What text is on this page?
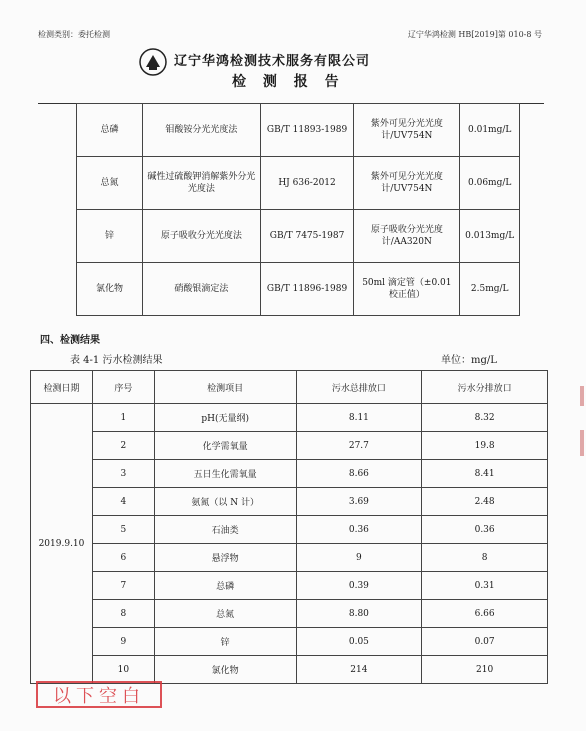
检测类别：委托检测	辽宁华鸿检测 HB[2019]第 010-8 号
辽宁华鸿检测技术服务有限公司
检 测 报 告
总磷	钼酸铵分光光度法	GB/T 11893-1989	紫外可见分光光度计/UV754N	0.01mg/L
总氮	碱性过硫酸钾消解紫外分光光度法	HJ 636-2012	紫外可见分光光度计/UV754N	0.06mg/L
锌	原子吸收分光光度法	GB/T 7475-1987	原子吸收分光光度计/AA320N	0.013mg/L
氯化物	硝酸银滴定法	GB/T 11896-1989	50ml 滴定管（±0.01 校正值）	2.5mg/L
四、检测结果
表 4-1 污水检测结果	单位：mg/L
检测日期	序号	检测项目	污水总排放口	污水分排放口
2019.9.10	1	pH(无量纲)	8.11	8.32
	2	化学需氧量	27.7	19.8
	3	五日生化需氧量	8.66	8.41
	4	氨氮（以 N 计）	3.69	2.48
	5	石油类	0.36	0.36
	6	悬浮物	9	8
	7	总磷	0.39	0.31
	8	总氮	8.80	6.66
	9	锌	0.05	0.07
	10	氯化物	214	210
以下空白
